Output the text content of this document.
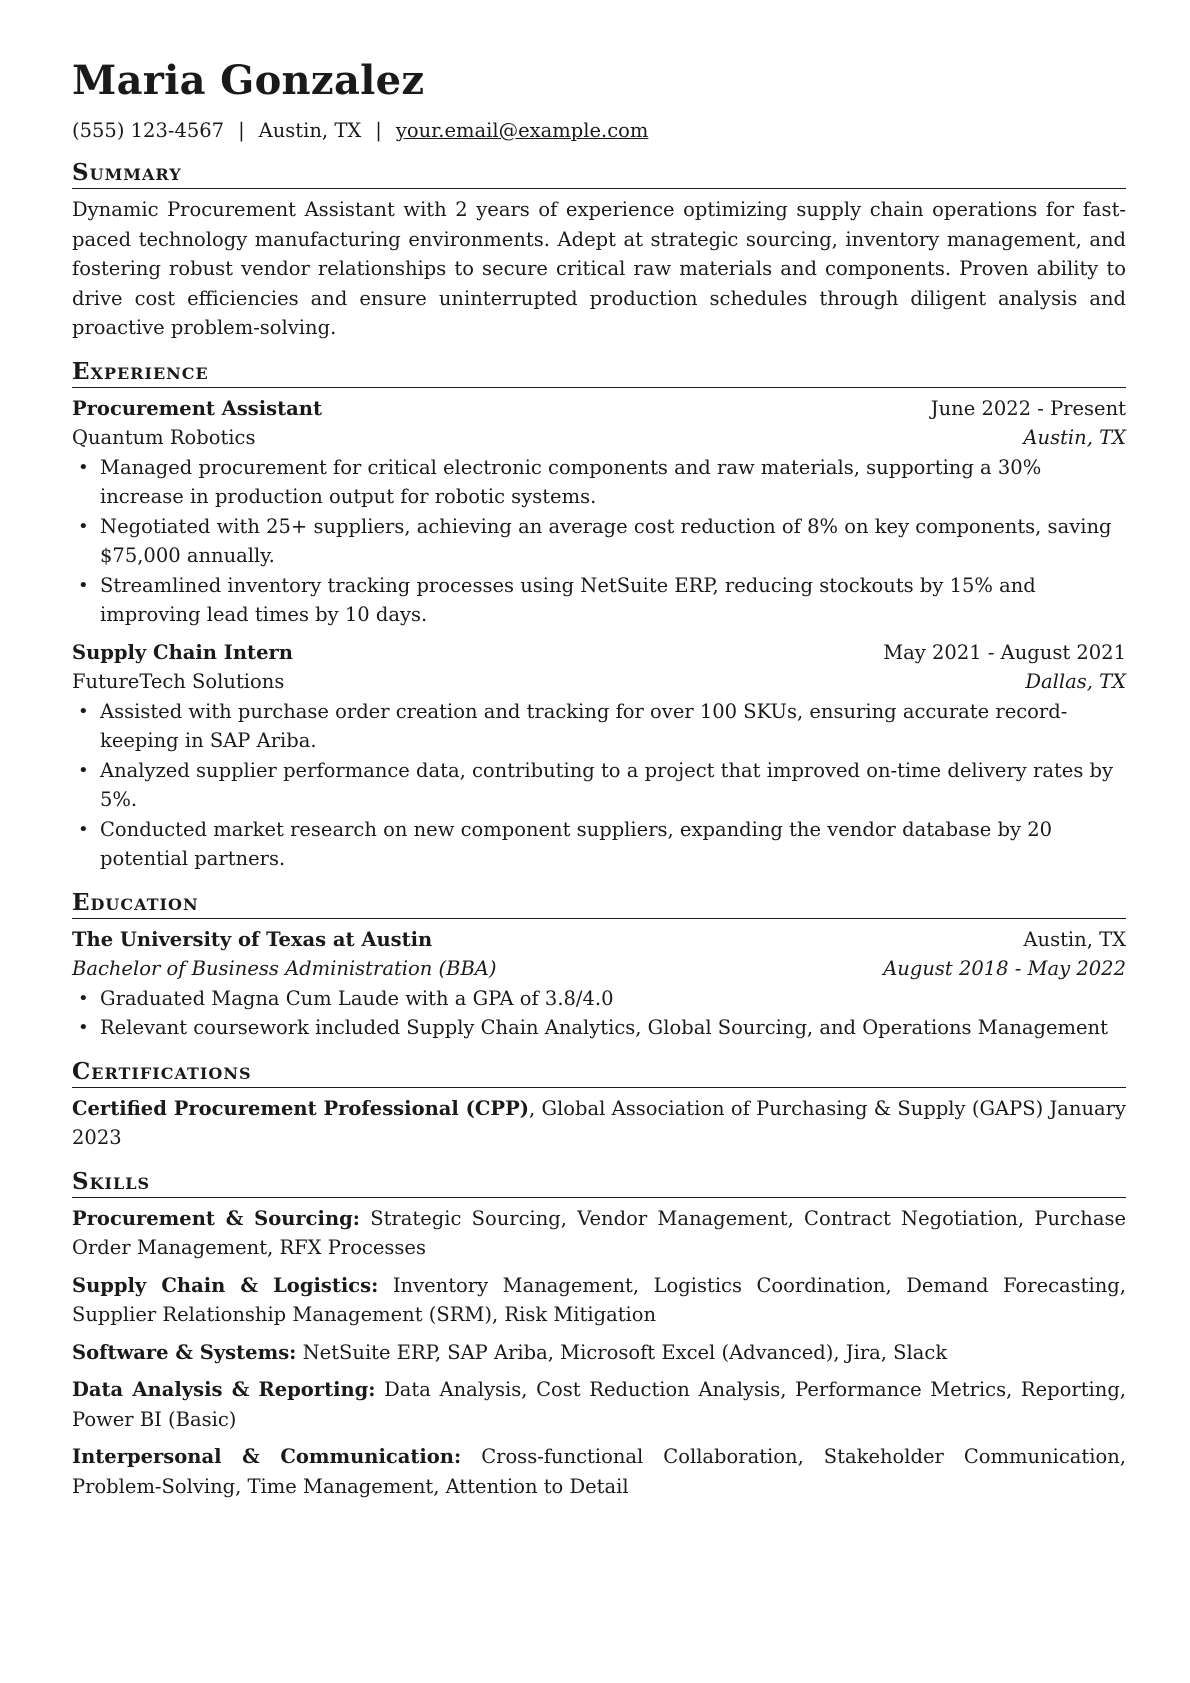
Maria Gonzalez
(555) 123-4567 | Austin, TX | your.email@example.com
Summary

Dynamic Procurement Assistant with 2 years of experience optimizing supply chain operations for fast-paced technology manufacturing environments. Adept at strategic sourcing, inventory management, and fostering robust vendor relationships to secure critical raw materials and components. Proven ability to drive cost efficiencies and ensure uninterrupted production schedules through diligent analysis and proactive problem-solving.

Experience
Procurement Assistant	June 2022 - Present
Quantum Robotics	Austin, TX
• Managed procurement for critical electronic components and raw materials, supporting a 30% increase in production output for robotic systems.
• Negotiated with 25+ suppliers, achieving an average cost reduction of 8% on key components, saving $75,000 annually.
• Streamlined inventory tracking processes using NetSuite ERP, reducing stockouts by 15% and improving lead times by 10 days.
Supply Chain Intern	May 2021 - August 2021
FutureTech Solutions	Dallas, TX
• Assisted with purchase order creation and tracking for over 100 SKUs, ensuring accurate record-keeping in SAP Ariba.
• Analyzed supplier performance data, contributing to a project that improved on-time delivery rates by 5%.
• Conducted market research on new component suppliers, expanding the vendor database by 20 potential partners.
Education
The University of Texas at Austin	Austin, TX
Bachelor of Business Administration (BBA)	August 2018 - May 2022
• Graduated Magna Cum Laude with a GPA of 3.8/4.0
• Relevant coursework included Supply Chain Analytics, Global Sourcing, and Operations Management
Certifications

Certified Procurement Professional (CPP), Global Association of Purchasing & Supply (GAPS) January 2023

Skills

Procurement & Sourcing: Strategic Sourcing, Vendor Management, Contract Negotiation, Purchase Order Management, RFX Processes

Supply Chain & Logistics: Inventory Management, Logistics Coordination, Demand Forecasting, Supplier Relationship Management (SRM), Risk Mitigation

Software & Systems: NetSuite ERP, SAP Ariba, Microsoft Excel (Advanced), Jira, Slack

Data Analysis & Reporting: Data Analysis, Cost Reduction Analysis, Performance Metrics, Reporting, Power BI (Basic)

Interpersonal & Communication: Cross-functional Collaboration, Stakeholder Communication, Problem-Solving, Time Management, Attention to Detail
